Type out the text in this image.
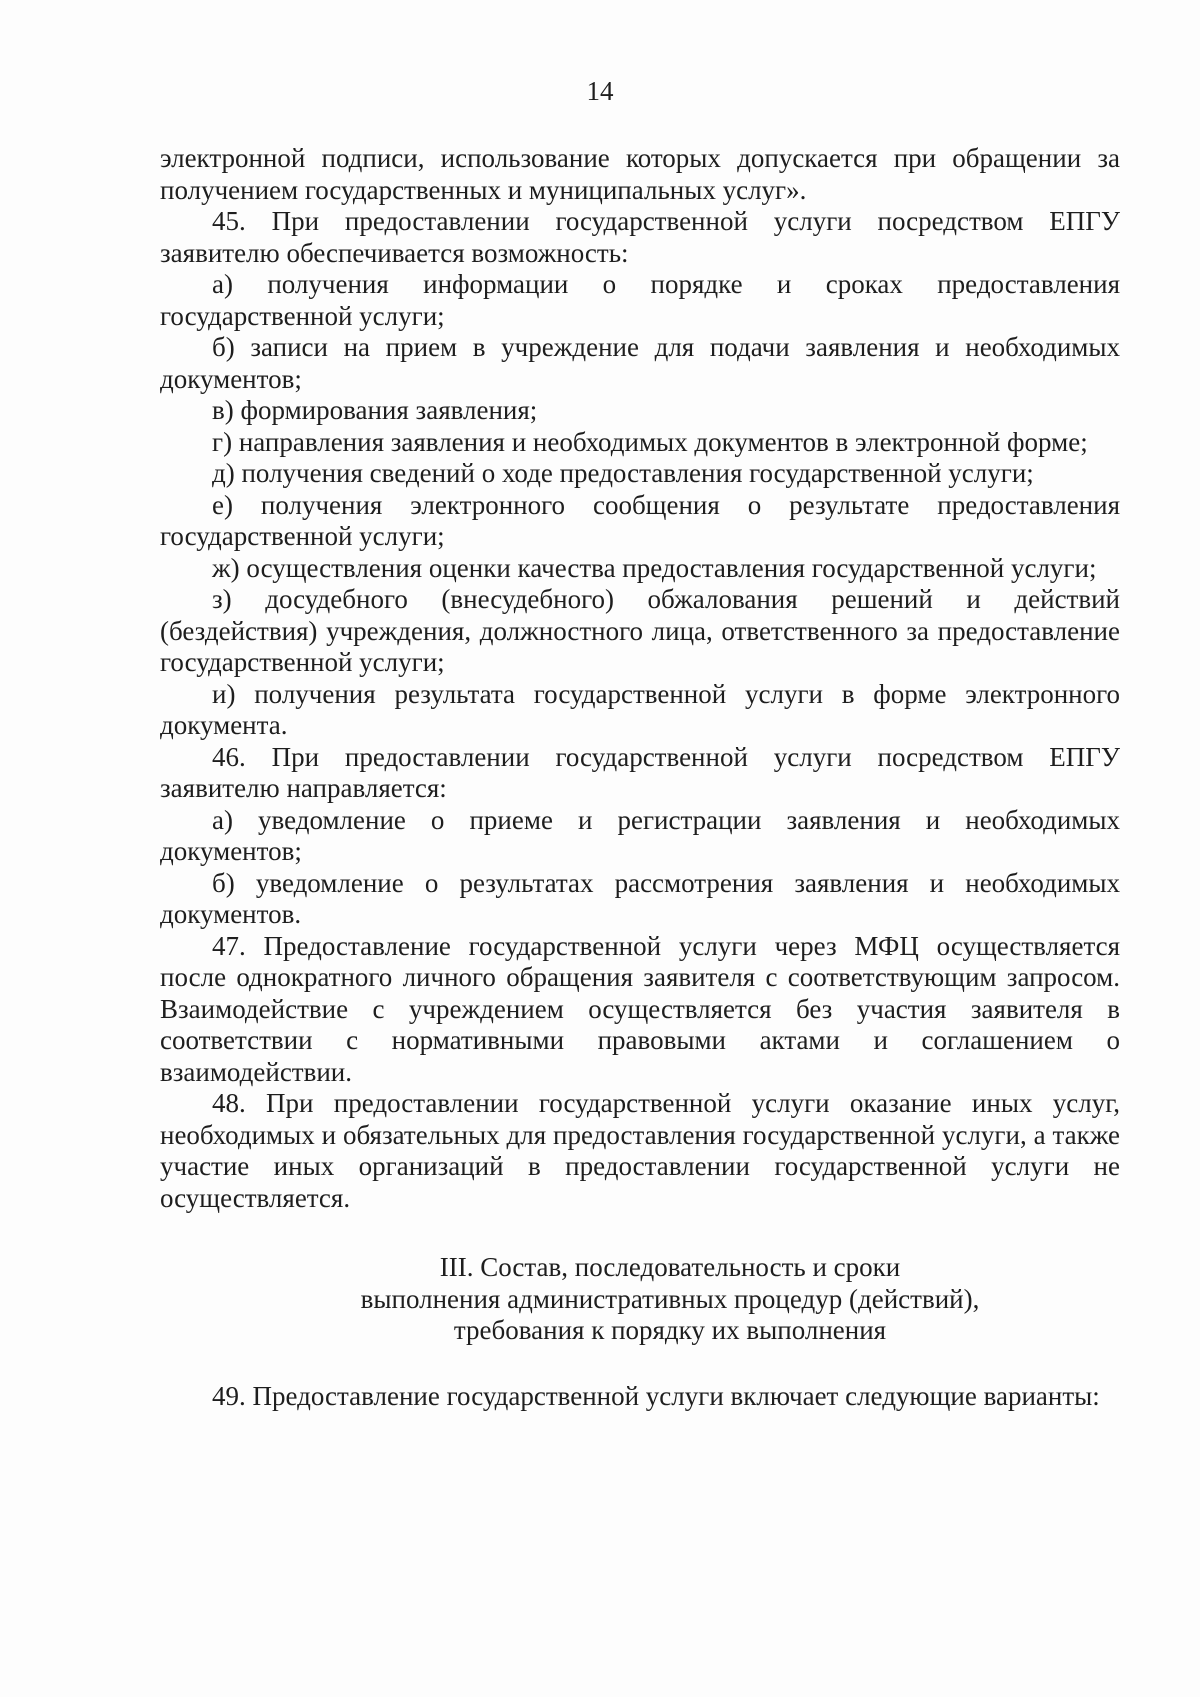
14

электронной подписи, использование которых допускается при обращении за получением государственных и муниципальных услуг».

45. При предоставлении государственной услуги посредством ЕПГУ заявителю обеспечивается возможность:

а) получения информации о порядке и сроках предоставления государственной услуги;

б) записи на прием в учреждение для подачи заявления и необходимых документов;

в) формирования заявления;

г) направления заявления и необходимых документов в электронной форме;

д) получения сведений о ходе предоставления государственной услуги;

е) получения электронного сообщения о результате предоставления государственной услуги;

ж) осуществления оценки качества предоставления государственной услуги;

з) досудебного (внесудебного) обжалования решений и действий (бездействия) учреждения, должностного лица, ответственного за предоставление государственной услуги;

и) получения результата государственной услуги в форме электронного документа.

46. При предоставлении государственной услуги посредством ЕПГУ заявителю направляется:

а) уведомление о приеме и регистрации заявления и необходимых документов;

б) уведомление о результатах рассмотрения заявления и необходимых документов.

47. Предоставление государственной услуги через МФЦ осуществляется после однократного личного обращения заявителя с соответствующим запросом. Взаимодействие с учреждением осуществляется без участия заявителя в соответствии с нормативными правовыми актами и соглашением о взаимодействии.

48. При предоставлении государственной услуги оказание иных услуг, необходимых и обязательных для предоставления государственной услуги, а также участие иных организаций в предоставлении государственной услуги не осуществляется.

III. Состав, последовательность и сроки
выполнения административных процедур (действий),
требования к порядку их выполнения

49. Предоставление государственной услуги включает следующие варианты:
